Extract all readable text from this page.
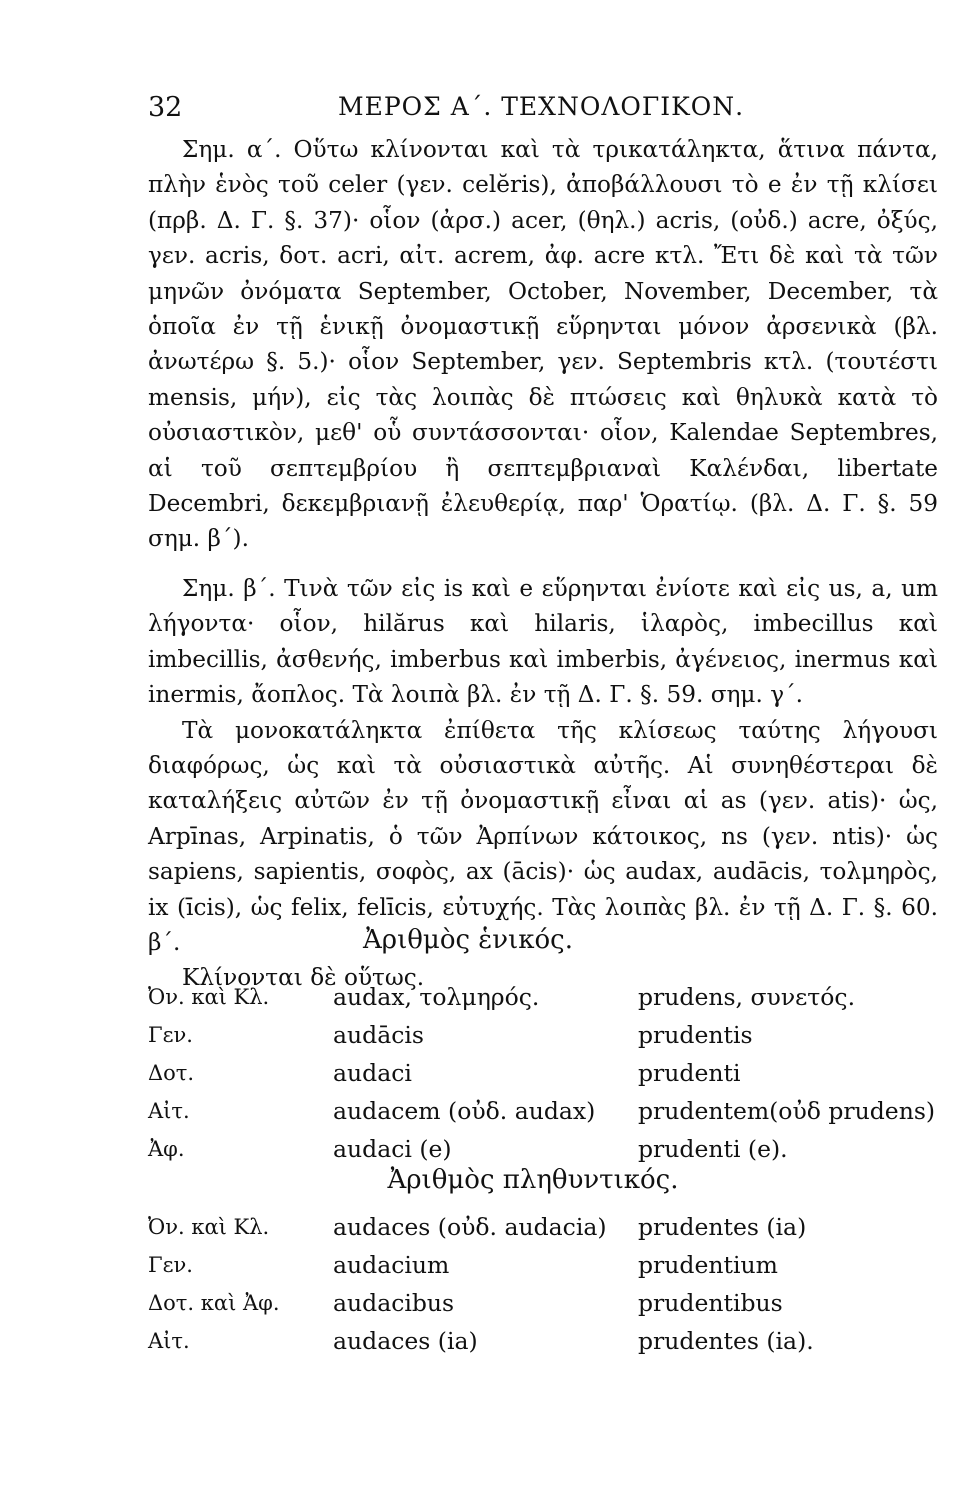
32	ΜΕΡΟΣ Α΄. ΤΕΧΝΟΛΟΓΙΚΟΝ.

Σημ. α΄. Οὕτω κλίνονται καὶ τὰ τρικατάληκτα, ἅτινα πάντα, πλὴν ἑνὸς τοῦ celer (γεν. celĕris), ἀποβάλλουσι τὸ e ἐν τῇ κλίσει (πρβ. Δ. Γ. §. 37)· οἷον (ἀρσ.) acer, (θηλ.) acris, (οὐδ.) acre, ὀξύς, γεν. acris, δοτ. acri, αἰτ. acrem, ἀφ. acre κτλ. Ἔτι δὲ καὶ τὰ τῶν μηνῶν ὀνόματα September, October, November, December, τὰ ὁποῖα ἐν τῇ ἑνικῇ ὀνομαστικῇ εὕρηνται μόνον ἀρσενικὰ (βλ. ἀνωτέρω §. 5.)· οἷον September, γεν. Septembris κτλ. (τουτέστι mensis, μήν), εἰς τὰς λοιπὰς δὲ πτώσεις καὶ θηλυκὰ κατὰ τὸ οὐσιαστικὸν, μεθ' οὗ συντάσσονται· οἷον, Kalendae Septembres, αἱ τοῦ σεπτεμβρίου ἢ σεπτεμβριαναὶ Καλένδαι, libertate Decembri, δεκεμβριανῇ ἐλευθερίᾳ, παρ' Ὁρατίῳ. (βλ. Δ. Γ. §. 59 σημ. β΄).

Σημ. β΄. Τινὰ τῶν εἰς is καὶ e εὕρηνται ἐνίοτε καὶ εἰς us, a, um λήγοντα· οἷον, hilărus καὶ hilaris, ἱλαρὸς, imbecillus καὶ imbecillis, ἀσθενής, imberbus καὶ imberbis, ἀγένειος, inermus καὶ inermis, ἄοπλος. Τὰ λοιπὰ βλ. ἐν τῇ Δ. Γ. §. 59. σημ. γ΄.

Τὰ μονοκατάληκτα ἐπίθετα τῆς κλίσεως ταύτης λήγουσι διαφόρως, ὡς καὶ τὰ οὐσιαστικὰ αὐτῆς. Αἱ συνηθέστεραι δὲ καταλήξεις αὐτῶν ἐν τῇ ὀνομαστικῇ εἶναι αἱ as (γεν. atis)· ὡς, Arpīnas, Arpinatis, ὁ τῶν Ἀρπίνων κάτοικος, ns (γεν. ntis)· ὡς sapiens, sapientis, σοφὸς, ax (ācis)· ὡς audax, audācis, τολμηρὸς, ix (īcis), ὡς felix, felīcis, εὐτυχής. Τὰς λοιπὰς βλ. ἐν τῇ Δ. Γ. §. 60. β΄.

Κλίνονται δὲ οὕτως.

Ἀριθμὸς ἑνικός.

Ὀν. καὶ Κλ.	audax, τολμηρός.	prudens, συνετός.
Γεν.	audācis	prudentis
Δοτ.	audaci	prudenti
Αἰτ.	audacem (οὐδ. audax)	prudentem(οὐδ prudens)
Ἀφ.	audaci (e)	prudenti (e).

Ἀριθμὸς πληθυντικός.

Ὀν. καὶ Κλ.	audaces (οὐδ. audacia)	prudentes (ia)
Γεν.	audacium	prudentium
Δοτ. καὶ Ἀφ.	audacibus	prudentibus
Αἰτ.	audaces (ia)	prudentes (ia).
